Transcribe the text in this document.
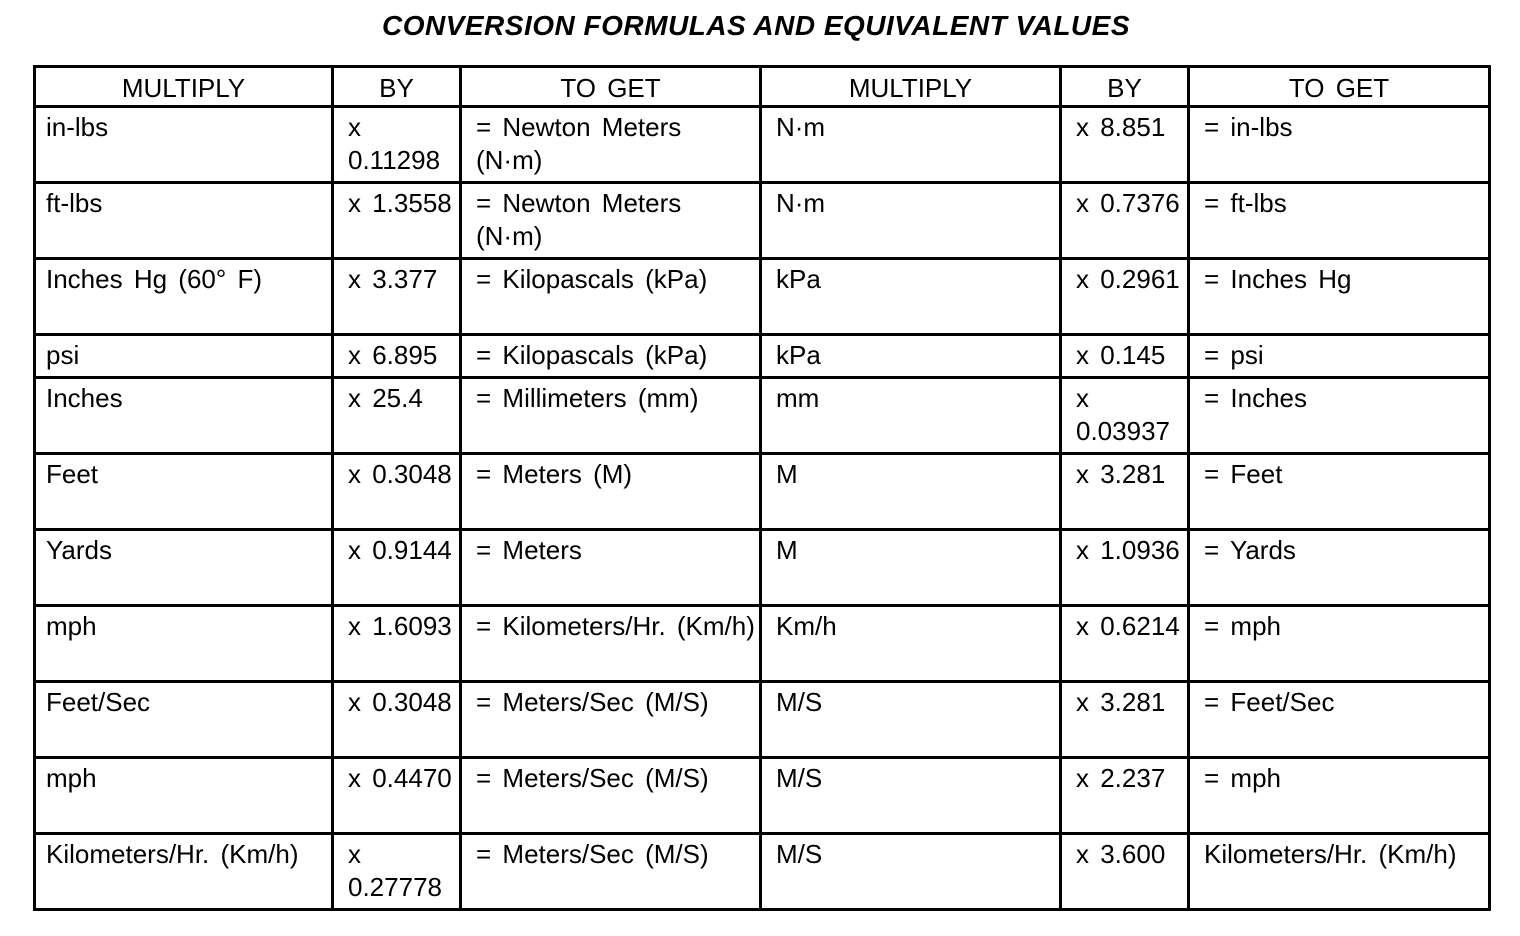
CONVERSION FORMULAS AND EQUIVALENT VALUES
MULTIPLY	BY	TO GET	MULTIPLY	BY	TO GET
in-lbs	x 0.11298	= Newton Meters (N·m)	N·m	x 8.851	= in-lbs
ft-lbs	x 1.3558	= Newton Meters (N·m)	N·m	x 0.7376	= ft-lbs
Inches Hg (60° F)	x 3.377	= Kilopascals (kPa)	kPa	x 0.2961	= Inches Hg
psi	x 6.895	= Kilopascals (kPa)	kPa	x 0.145	= psi
Inches	x 25.4	= Millimeters (mm)	mm	x 0.03937	= Inches
Feet	x 0.3048	= Meters (M)	M	x 3.281	= Feet
Yards	x 0.9144	= Meters	M	x 1.0936	= Yards
mph	x 1.6093	= Kilometers/Hr. (Km/h)	Km/h	x 0.6214	= mph
Feet/Sec	x 0.3048	= Meters/Sec (M/S)	M/S	x 3.281	= Feet/Sec
mph	x 0.4470	= Meters/Sec (M/S)	M/S	x 2.237	= mph
Kilometers/Hr. (Km/h)	x 0.27778	= Meters/Sec (M/S)	M/S	x 3.600	Kilometers/Hr. (Km/h)
